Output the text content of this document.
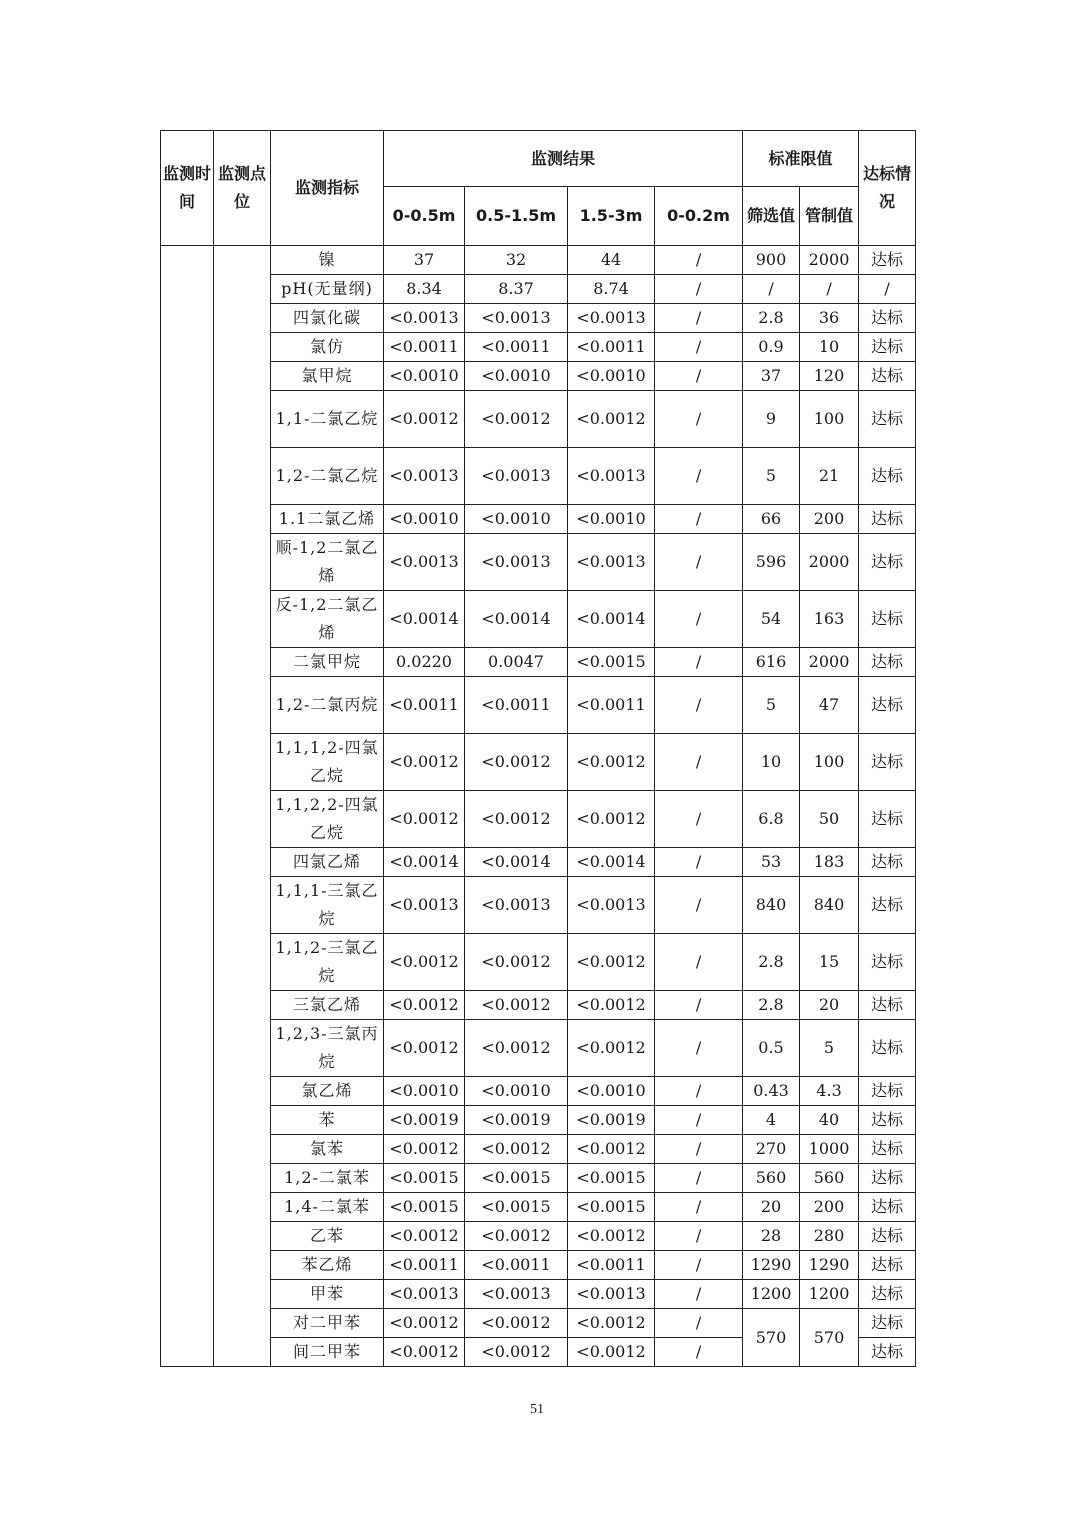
监测时间	监测点位	监测指标	监测结果				标准限值		达标情况
			0-0.5m	0.5-1.5m	1.5-3m	0-0.2m	筛选值	管制值	
		镍	37	32	44	/	900	2000	达标
		pH(无量纲)	8.34	8.37	8.74	/	/	/	/
		四氯化碳	<0.0013	<0.0013	<0.0013	/	2.8	36	达标
		氯仿	<0.0011	<0.0011	<0.0011	/	0.9	10	达标
		氯甲烷	<0.0010	<0.0010	<0.0010	/	37	120	达标
		1,1-二氯乙烷	<0.0012	<0.0012	<0.0012	/	9	100	达标
		1,2-二氯乙烷	<0.0013	<0.0013	<0.0013	/	5	21	达标
		1.1二氯乙烯	<0.0010	<0.0010	<0.0010	/	66	200	达标
		顺-1,2二氯乙烯	<0.0013	<0.0013	<0.0013	/	596	2000	达标
		反-1,2二氯乙烯	<0.0014	<0.0014	<0.0014	/	54	163	达标
		二氯甲烷	0.0220	0.0047	<0.0015	/	616	2000	达标
		1,2-二氯丙烷	<0.0011	<0.0011	<0.0011	/	5	47	达标
		1,1,1,2-四氯乙烷	<0.0012	<0.0012	<0.0012	/	10	100	达标
		1,1,2,2-四氯乙烷	<0.0012	<0.0012	<0.0012	/	6.8	50	达标
		四氯乙烯	<0.0014	<0.0014	<0.0014	/	53	183	达标
		1,1,1-三氯乙烷	<0.0013	<0.0013	<0.0013	/	840	840	达标
		1,1,2-三氯乙烷	<0.0012	<0.0012	<0.0012	/	2.8	15	达标
		三氯乙烯	<0.0012	<0.0012	<0.0012	/	2.8	20	达标
		1,2,3-三氯丙烷	<0.0012	<0.0012	<0.0012	/	0.5	5	达标
		氯乙烯	<0.0010	<0.0010	<0.0010	/	0.43	4.3	达标
		苯	<0.0019	<0.0019	<0.0019	/	4	40	达标
		氯苯	<0.0012	<0.0012	<0.0012	/	270	1000	达标
		1,2-二氯苯	<0.0015	<0.0015	<0.0015	/	560	560	达标
		1,4-二氯苯	<0.0015	<0.0015	<0.0015	/	20	200	达标
		乙苯	<0.0012	<0.0012	<0.0012	/	28	280	达标
		苯乙烯	<0.0011	<0.0011	<0.0011	/	1290	1290	达标
		甲苯	<0.0013	<0.0013	<0.0013	/	1200	1200	达标
		对二甲苯	<0.0012	<0.0012	<0.0012	/	570	570	达标
		间二甲苯	<0.0012	<0.0012	<0.0012	/			达标
51
